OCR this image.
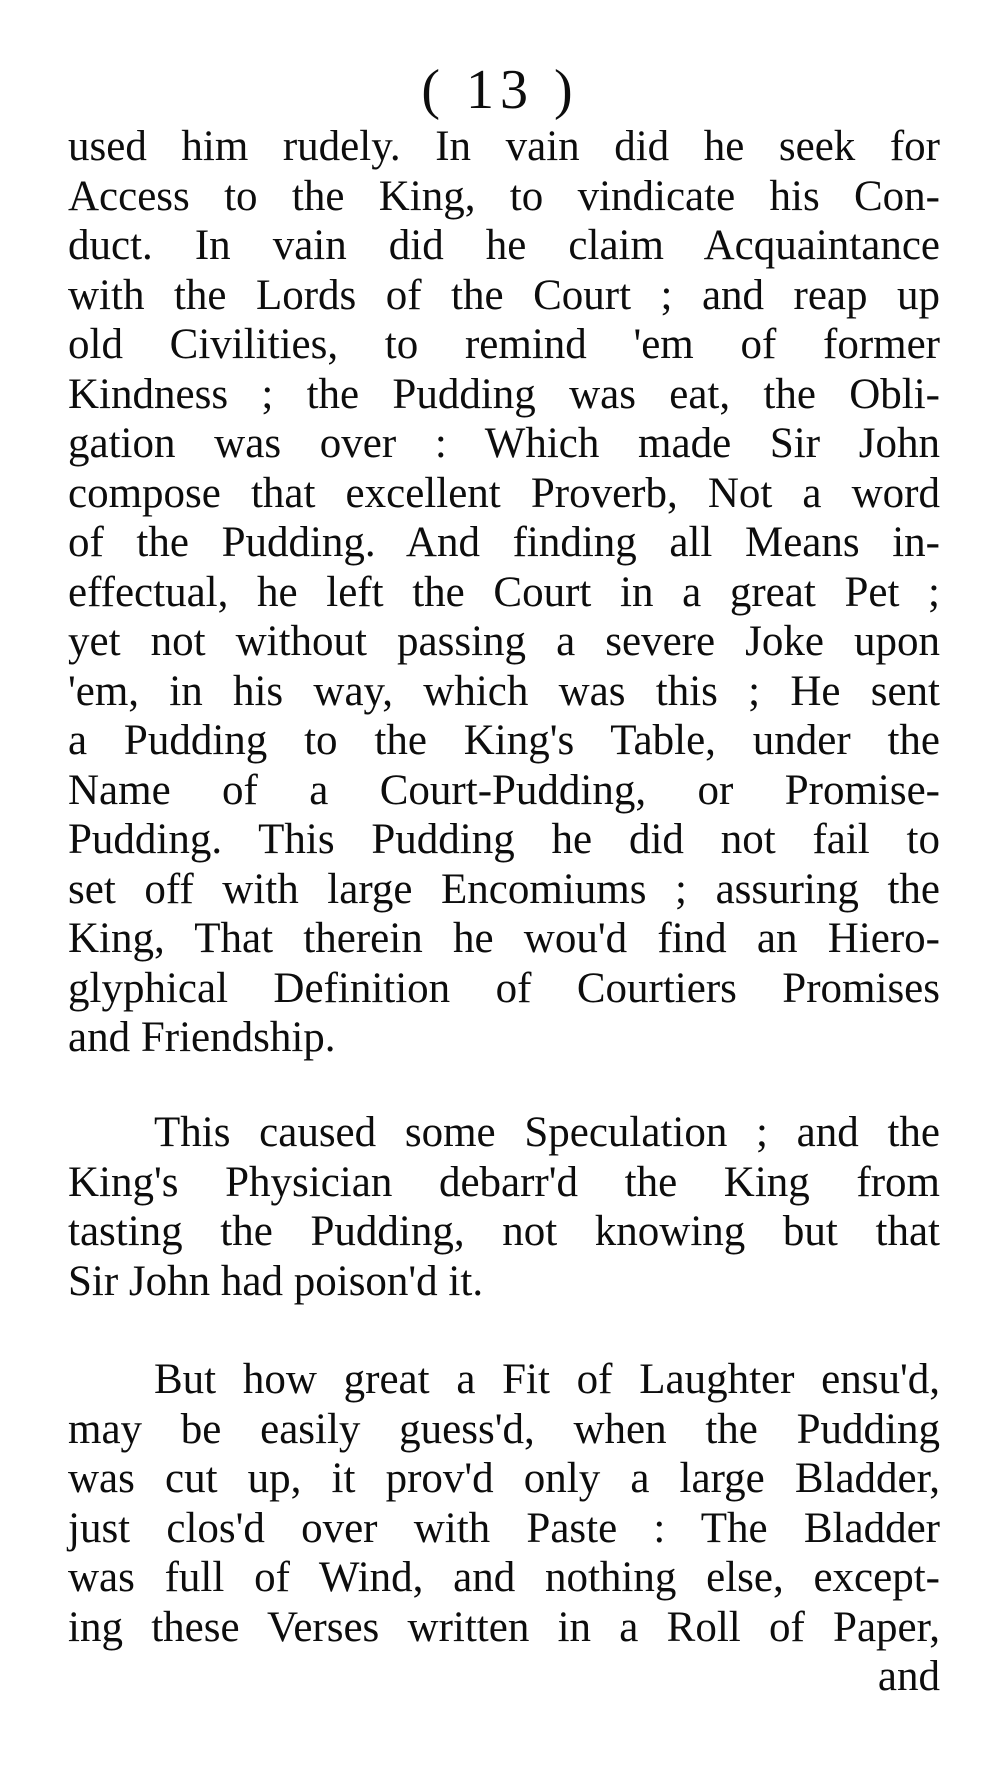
( 13 )
used him rudely. In vain did he seek for
Access to the King, to vindicate his Con-
duct. In vain did he claim Acquaintance
with the Lords of the Court ; and reap up
old Civilities, to remind 'em of former
Kindness ; the Pudding was eat, the Obli-
gation was over : Which made Sir John
compose that excellent Proverb, Not a word
of the Pudding. And finding all Means in-
effectual, he left the Court in a great Pet ;
yet not without passing a severe Joke upon
'em, in his way, which was this ; He sent
a Pudding to the King's Table, under the
Name of a Court-Pudding, or Promise-
Pudding. This Pudding he did not fail to
set off with large Encomiums ; assuring the
King, That therein he wou'd find an Hiero-
glyphical Definition of Courtiers Promises
and Friendship.
This caused some Speculation ; and the
King's Physician debarr'd the King from
tasting the Pudding, not knowing but that
Sir John had poison'd it.
But how great a Fit of Laughter ensu'd,
may be easily guess'd, when the Pudding
was cut up, it prov'd only a large Bladder,
just clos'd over with Paste : The Bladder
was full of Wind, and nothing else, except-
ing these Verses written in a Roll of Paper,
and
